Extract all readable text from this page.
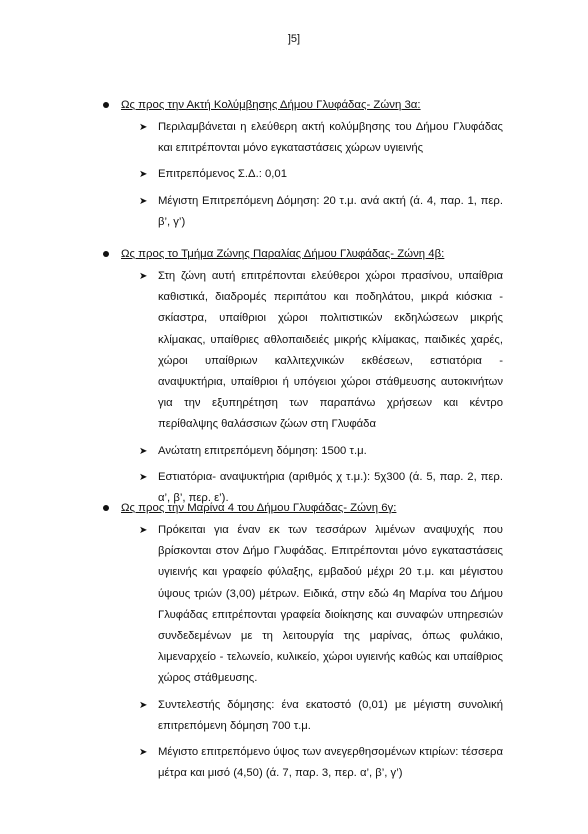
]5]
Ως προς την Ακτή Κολύμβησης Δήμου Γλυφάδας- Ζώνη 3α:
➤ Περιλαμβάνεται η ελεύθερη ακτή κολύμβησης του Δήμου Γλυφάδας και επιτρέπονται μόνο εγκαταστάσεις χώρων υγιεινής
➤ Επιτρεπόμενος Σ.Δ.: 0,01
➤ Μέγιστη Επιτρεπόμενη Δόμηση: 20 τ.μ. ανά ακτή (ά. 4, παρ. 1, περ. β’, γ’)
Ως προς το Τμήμα Ζώνης Παραλίας Δήμου Γλυφάδας- Ζώνη 4β:
➤ Στη ζώνη αυτή επιτρέπονται ελεύθεροι χώροι πρασίνου, υπαίθρια καθιστικά, διαδρομές περιπάτου και ποδηλάτου, μικρά κιόσκια - σκίαστρα, υπαίθριοι χώροι πολιτιστικών εκδηλώσεων μικρής κλίμακας, υπαίθριες αθλοπαιδειές μικρής κλίμακας, παιδικές χαρές, χώροι υπαίθριων καλλιτεχνικών εκθέσεων, εστιατόρια - αναψυκτήρια, υπαίθριοι ή υπόγειοι χώροι στάθμευσης αυτοκινήτων για την εξυπηρέτηση των παραπάνω χρήσεων και κέντρο περίθαλψης θαλάσσιων ζώων στη Γλυφάδα
➤ Ανώτατη επιτρεπόμενη δόμηση: 1500 τ.μ.
➤ Εστιατόρια- αναψυκτήρια (αριθμός χ τ.μ.): 5χ300 (ά. 5, παρ. 2, περ. α’, β’, περ. ε’).
Ως προς την Μαρίνα 4 του Δήμου Γλυφάδας- Ζώνη 6γ:
➤ Πρόκειται για έναν εκ των τεσσάρων λιμένων αναψυχής που βρίσκονται στον Δήμο Γλυφάδας. Επιτρέπονται μόνο εγκαταστάσεις υγιεινής και γραφείο φύλαξης, εμβαδού μέχρι 20 τ.μ. και μέγιστου ύψους τριών (3,00) μέτρων. Ειδικά, στην εδώ 4η Μαρίνα του Δήμου Γλυφάδας επιτρέπονται γραφεία διοίκησης και συναφών υπηρεσιών συνδεδεμένων με τη λειτουργία της μαρίνας, όπως φυλάκιο, λιμεναρχείο - τελωνείο, κυλικείο, χώροι υγιεινής καθώς και υπαίθριος χώρος στάθμευσης.
➤ Συντελεστής δόμησης: ένα εκατοστό (0,01) με μέγιστη συνολική επιτρεπόμενη δόμηση 700 τ.μ.
➤ Μέγιστο επιτρεπόμενο ύψος των ανεγερθησομένων κτιρίων: τέσσερα μέτρα και μισό (4,50) (ά. 7, παρ. 3, περ. α’, β’, γ’)
